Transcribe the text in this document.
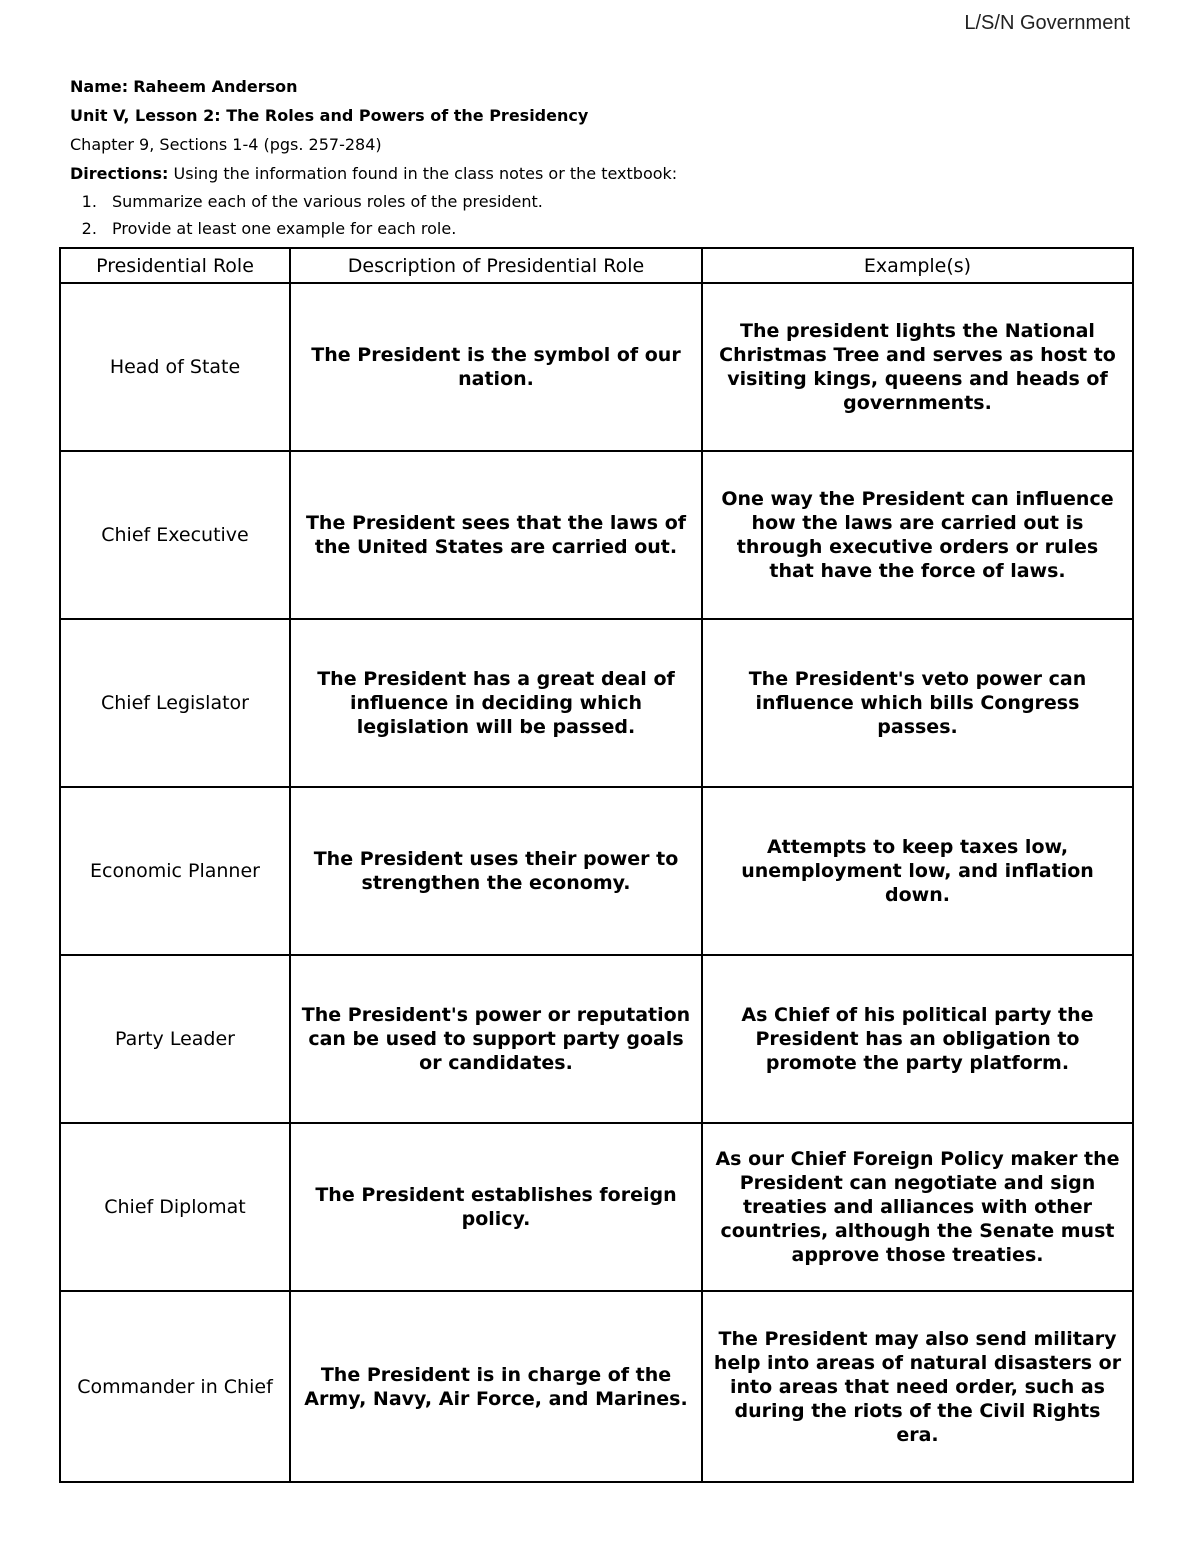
L/S/N Government
Name: Raheem Anderson
Unit V, Lesson 2: The Roles and Powers of the Presidency
Chapter 9, Sections 1-4 (pgs. 257-284)
Directions: Using the information found in the class notes or the textbook:
1. Summarize each of the various roles of the president.
2. Provide at least one example for each role.
Presidential Role	Description of Presidential Role	Example(s)
Head of State	The President is the symbol of our nation.	The president lights the National Christmas Tree and serves as host to visiting kings, queens and heads of governments.
Chief Executive	The President sees that the laws of the United States are carried out.	One way the President can influence how the laws are carried out is through executive orders or rules that have the force of laws.
Chief Legislator	The President has a great deal of influence in deciding which legislation will be passed.	The President's veto power can influence which bills Congress passes.
Economic Planner	The President uses their power to strengthen the economy.	Attempts to keep taxes low, unemployment low, and inflation down.
Party Leader	The President's power or reputation can be used to support party goals or candidates.	As Chief of his political party the President has an obligation to promote the party platform.
Chief Diplomat	The President establishes foreign policy.	As our Chief Foreign Policy maker the President can negotiate and sign treaties and alliances with other countries, although the Senate must approve those treaties.
Commander in Chief	The President is in charge of the Army, Navy, Air Force, and Marines.	The President may also send military help into areas of natural disasters or into areas that need order, such as during the riots of the Civil Rights era.
